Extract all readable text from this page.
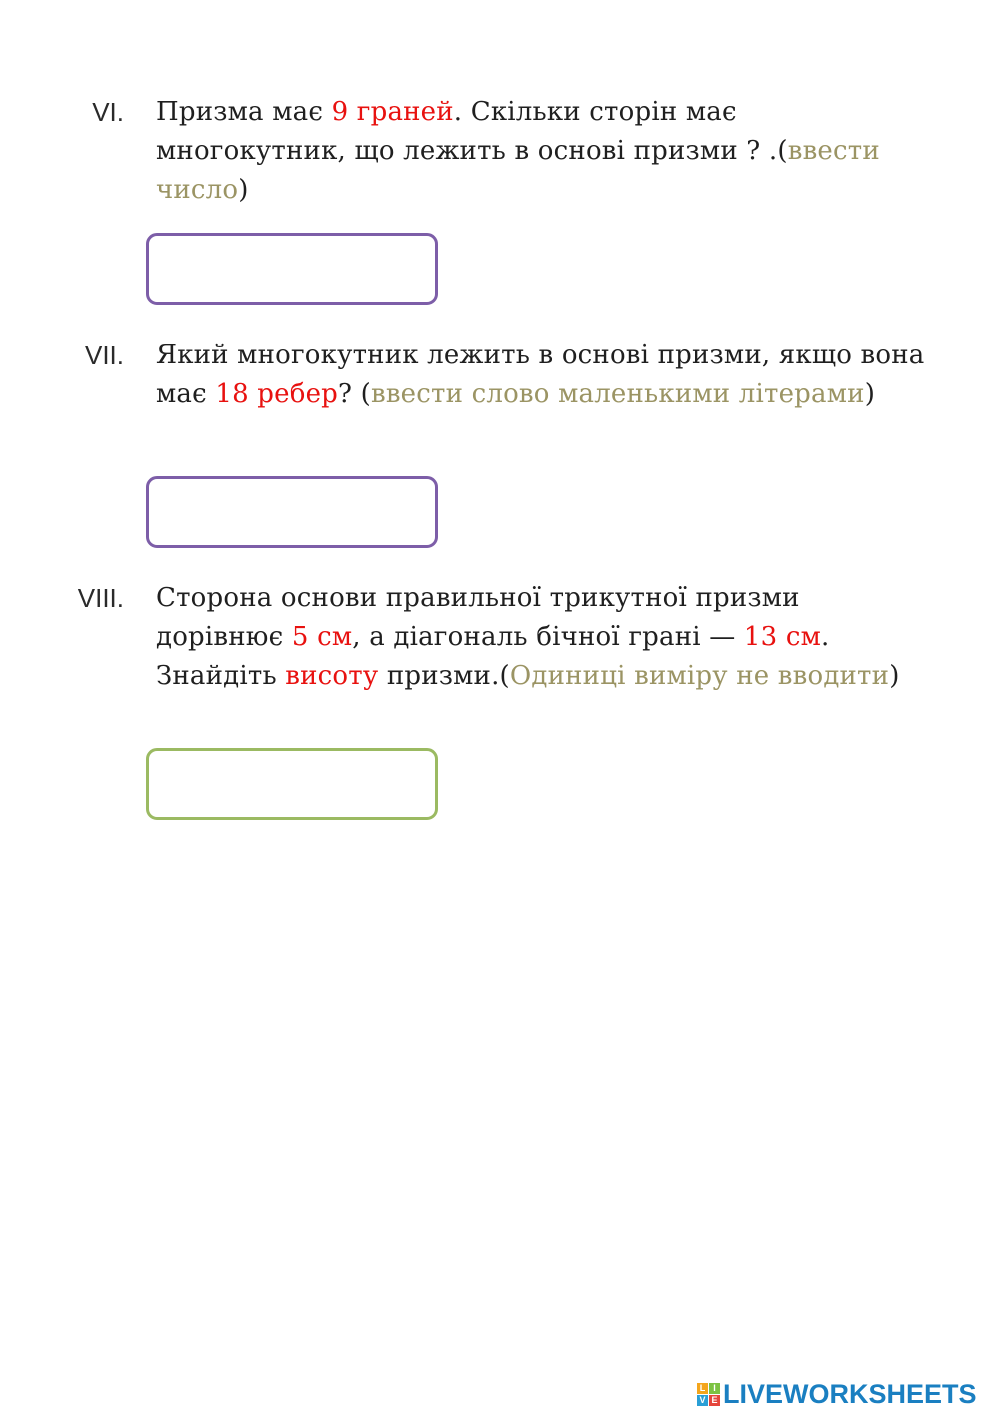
VI. Призма має 9 граней. Скільки сторін має многокутник, що лежить в основі призми ? .(ввести число)
VII. Який многокутник лежить в основі призми, якщо вона має 18 ребер? (ввести слово маленькими літерами)
VIII. Сторона основи правильної трикутної призми дорівнює 5 см, а діагональ бічної грані — 13 см. Знайдіть висоту призми.(Одиниці виміру не вводити)
L I
V E LIVEWORKSHEETS
